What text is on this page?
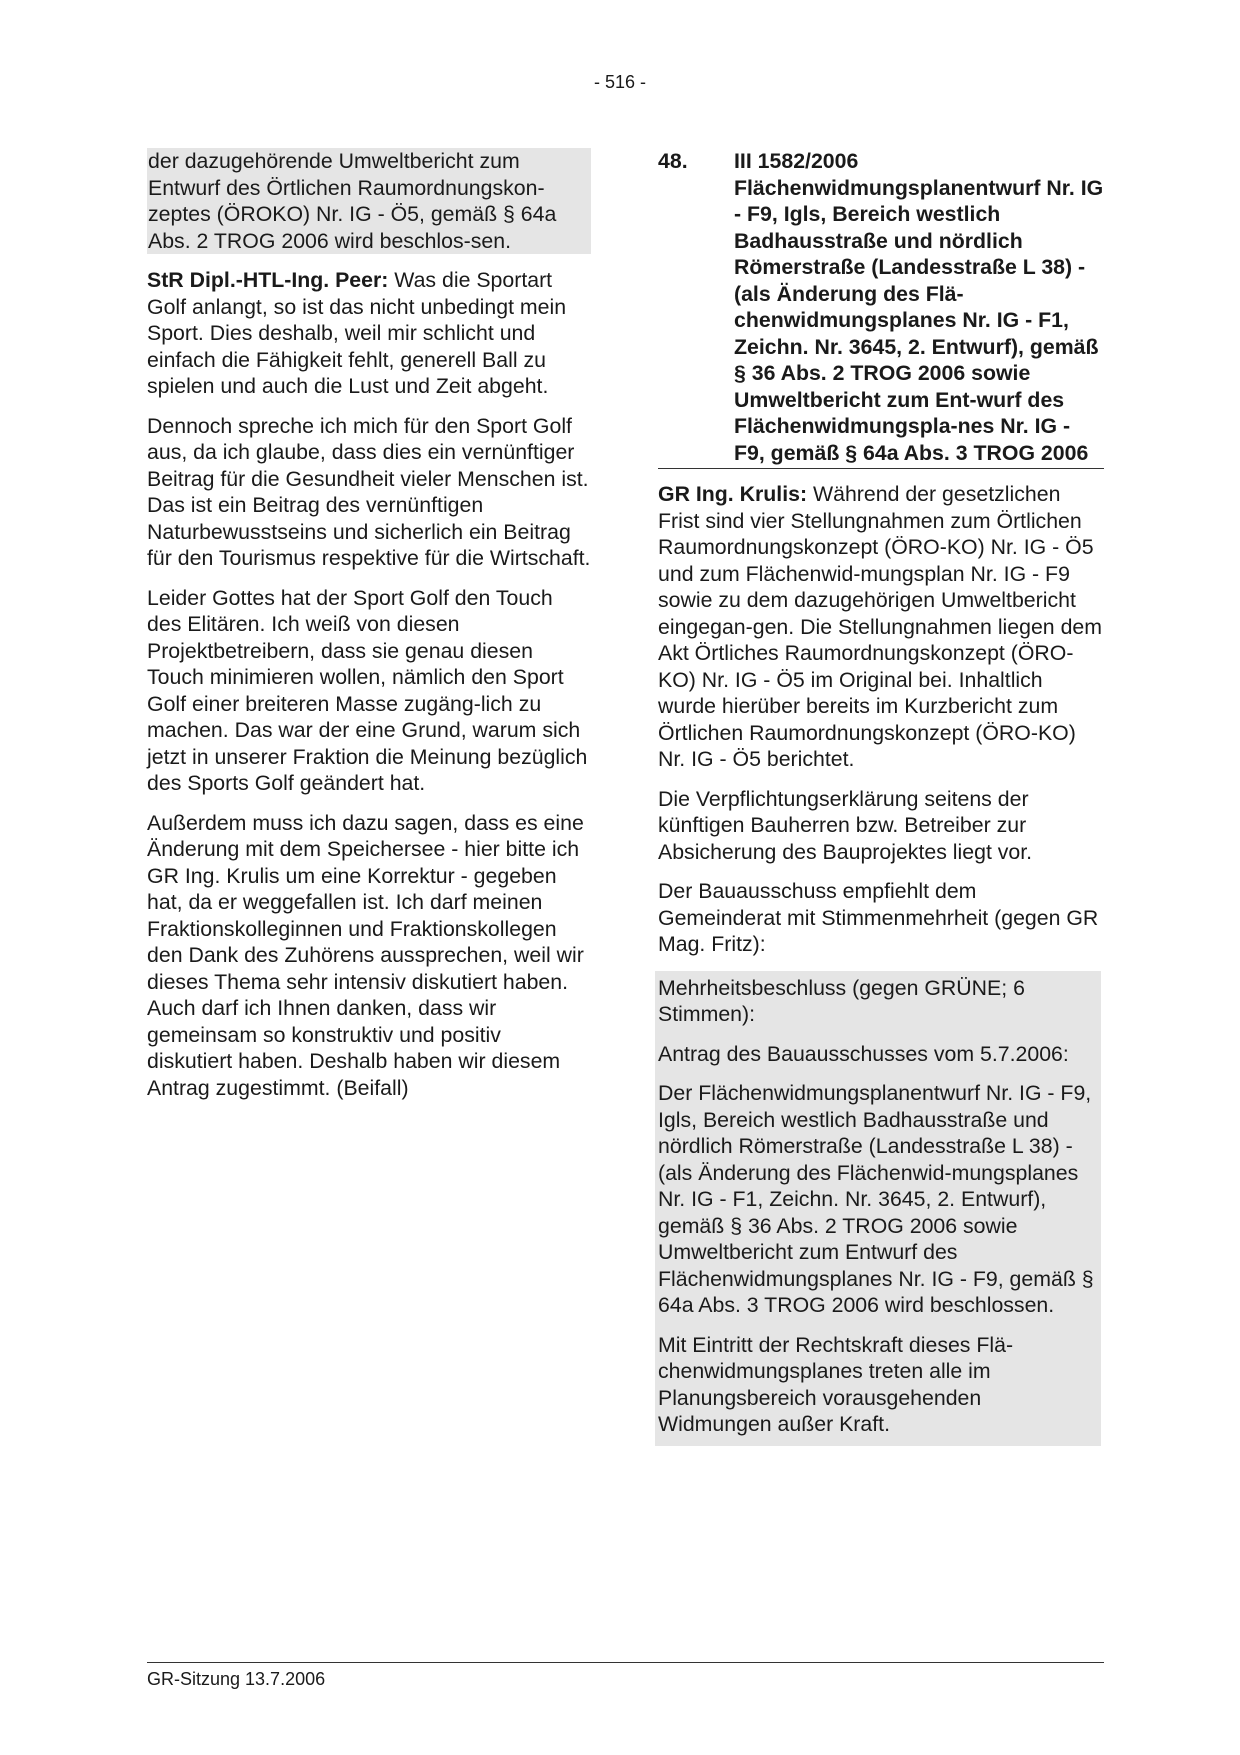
- 516 -

der dazugehörende Umweltbericht zum Entwurf des Örtlichen Raumordnungskon-zeptes (ÖROKO) Nr. IG - Ö5, gemäß § 64a Abs. 2 TROG 2006 wird beschlos-sen.

StR Dipl.-HTL-Ing. Peer: Was die Sportart Golf anlangt, so ist das nicht unbedingt mein Sport. Dies deshalb, weil mir schlicht und einfach die Fähigkeit fehlt, generell Ball zu spielen und auch die Lust und Zeit abgeht.

Dennoch spreche ich mich für den Sport Golf aus, da ich glaube, dass dies ein vernünftiger Beitrag für die Gesundheit vieler Menschen ist. Das ist ein Beitrag des vernünftigen Naturbewusstseins und sicherlich ein Beitrag für den Tourismus respektive für die Wirtschaft.

Leider Gottes hat der Sport Golf den Touch des Elitären. Ich weiß von diesen Projektbetreibern, dass sie genau diesen Touch minimieren wollen, nämlich den Sport Golf einer breiteren Masse zugäng-lich zu machen. Das war der eine Grund, warum sich jetzt in unserer Fraktion die Meinung bezüglich des Sports Golf geändert hat.

Außerdem muss ich dazu sagen, dass es eine Änderung mit dem Speichersee - hier bitte ich GR Ing. Krulis um eine Korrektur - gegeben hat, da er weggefallen ist. Ich darf meinen Fraktionskolleginnen und Fraktionskollegen den Dank des Zuhörens aussprechen, weil wir dieses Thema sehr intensiv diskutiert haben. Auch darf ich Ihnen danken, dass wir gemeinsam so konstruktiv und positiv diskutiert haben. Deshalb haben wir diesem Antrag zugestimmt. (Beifall)

48.	III 1582/2006 Flächenwidmungsplanentwurf Nr. IG - F9, Igls, Bereich westlich Badhausstraße und nördlich Römerstraße (Landesstraße L 38) - (als Änderung des Flä-chenwidmungsplanes Nr. IG - F1, Zeichn. Nr. 3645, 2. Entwurf), gemäß § 36 Abs. 2 TROG 2006 sowie Umweltbericht zum Ent-wurf des Flächenwidmungspla-nes Nr. IG - F9, gemäß § 64a Abs. 3 TROG 2006

GR Ing. Krulis: Während der gesetzlichen Frist sind vier Stellungnahmen zum Örtlichen Raumordnungskonzept (ÖRO-KO) Nr. IG - Ö5 und zum Flächenwid-mungsplan Nr. IG - F9 sowie zu dem dazugehörigen Umweltbericht eingegan-gen. Die Stellungnahmen liegen dem Akt Örtliches Raumordnungskonzept (ÖRO-KO) Nr. IG - Ö5 im Original bei. Inhaltlich wurde hierüber bereits im Kurzbericht zum Örtlichen Raumordnungskonzept (ÖRO-KO) Nr. IG - Ö5 berichtet.

Die Verpflichtungserklärung seitens der künftigen Bauherren bzw. Betreiber zur Absicherung des Bauprojektes liegt vor.

Der Bauausschuss empfiehlt dem Gemeinderat mit Stimmenmehrheit (gegen GR Mag. Fritz):

Mehrheitsbeschluss (gegen GRÜNE; 6 Stimmen):

Antrag des Bauausschusses vom 5.7.2006:

Der Flächenwidmungsplanentwurf Nr. IG - F9, Igls, Bereich westlich Badhausstraße und nördlich Römerstraße (Landesstraße L 38) - (als Änderung des Flächenwid-mungsplanes Nr. IG - F1, Zeichn. Nr. 3645, 2. Entwurf), gemäß § 36 Abs. 2 TROG 2006 sowie Umweltbericht zum Entwurf des Flächenwidmungsplanes Nr. IG - F9, gemäß § 64a Abs. 3 TROG 2006 wird beschlossen.

Mit Eintritt der Rechtskraft dieses Flä-chenwidmungsplanes treten alle im Planungsbereich vorausgehenden Widmungen außer Kraft.

GR-Sitzung 13.7.2006
